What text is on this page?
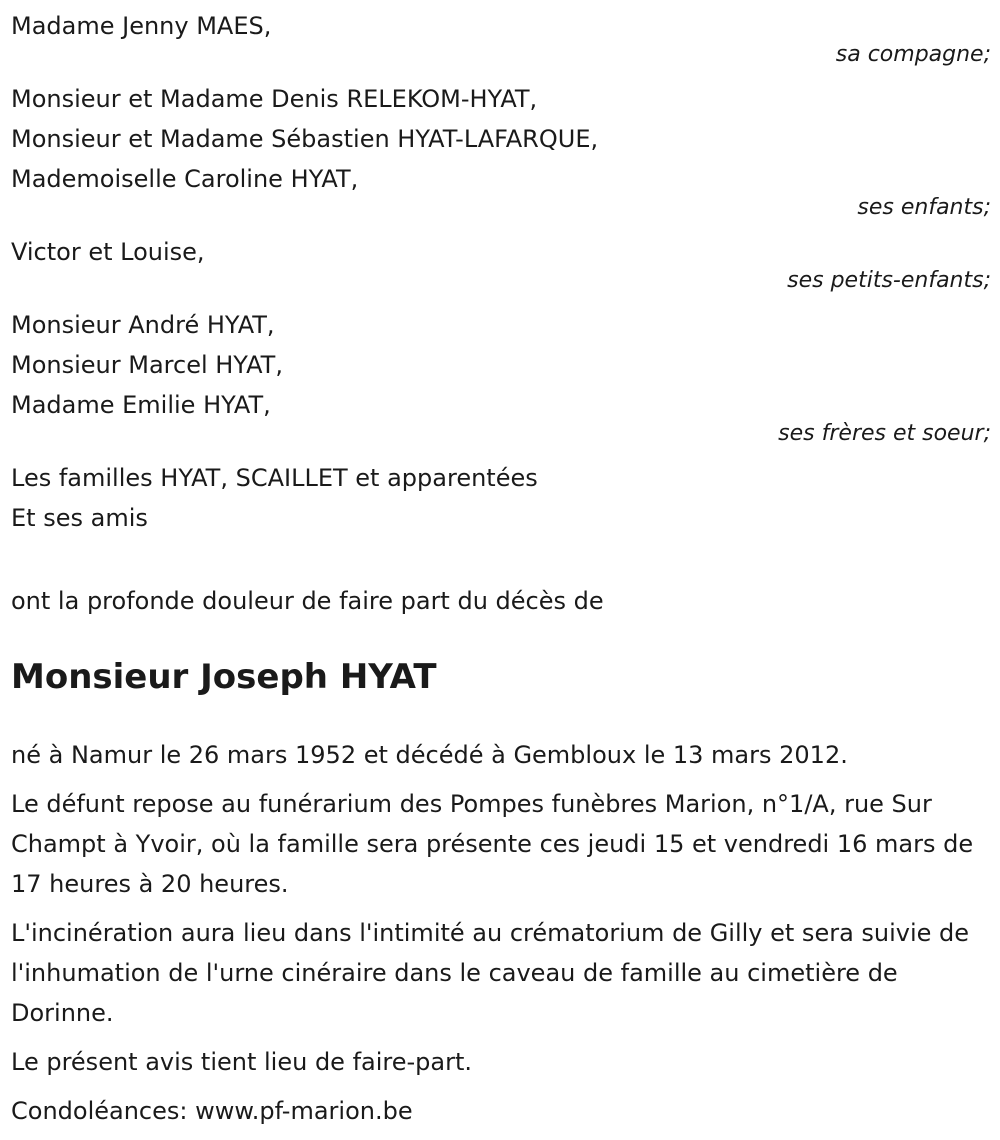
Madame Jenny MAES,

sa compagne;

Monsieur et Madame Denis RELEKOM-HYAT,

Monsieur et Madame Sébastien HYAT-LAFARQUE,

Mademoiselle Caroline HYAT,

ses enfants;

Victor et Louise,

ses petits-enfants;

Monsieur André HYAT,

Monsieur Marcel HYAT,

Madame Emilie HYAT,

ses frères et soeur;

Les familles HYAT, SCAILLET et apparentées

Et ses amis

ont la profonde douleur de faire part du décès de

Monsieur Joseph HYAT

né à Namur le 26 mars 1952 et décédé à Gembloux le 13 mars 2012.

Le défunt repose au funérarium des Pompes funèbres Marion, n°1/A, rue Sur Champt à Yvoir, où la famille sera présente ces jeudi 15 et vendredi 16 mars de 17 heures à 20 heures.

L'incinération aura lieu dans l'intimité au crématorium de Gilly et sera suivie de l'inhumation de l'urne cinéraire dans le caveau de famille au cimetière de Dorinne.

Le présent avis tient lieu de faire-part.

Condoléances: www.pf-marion.be
